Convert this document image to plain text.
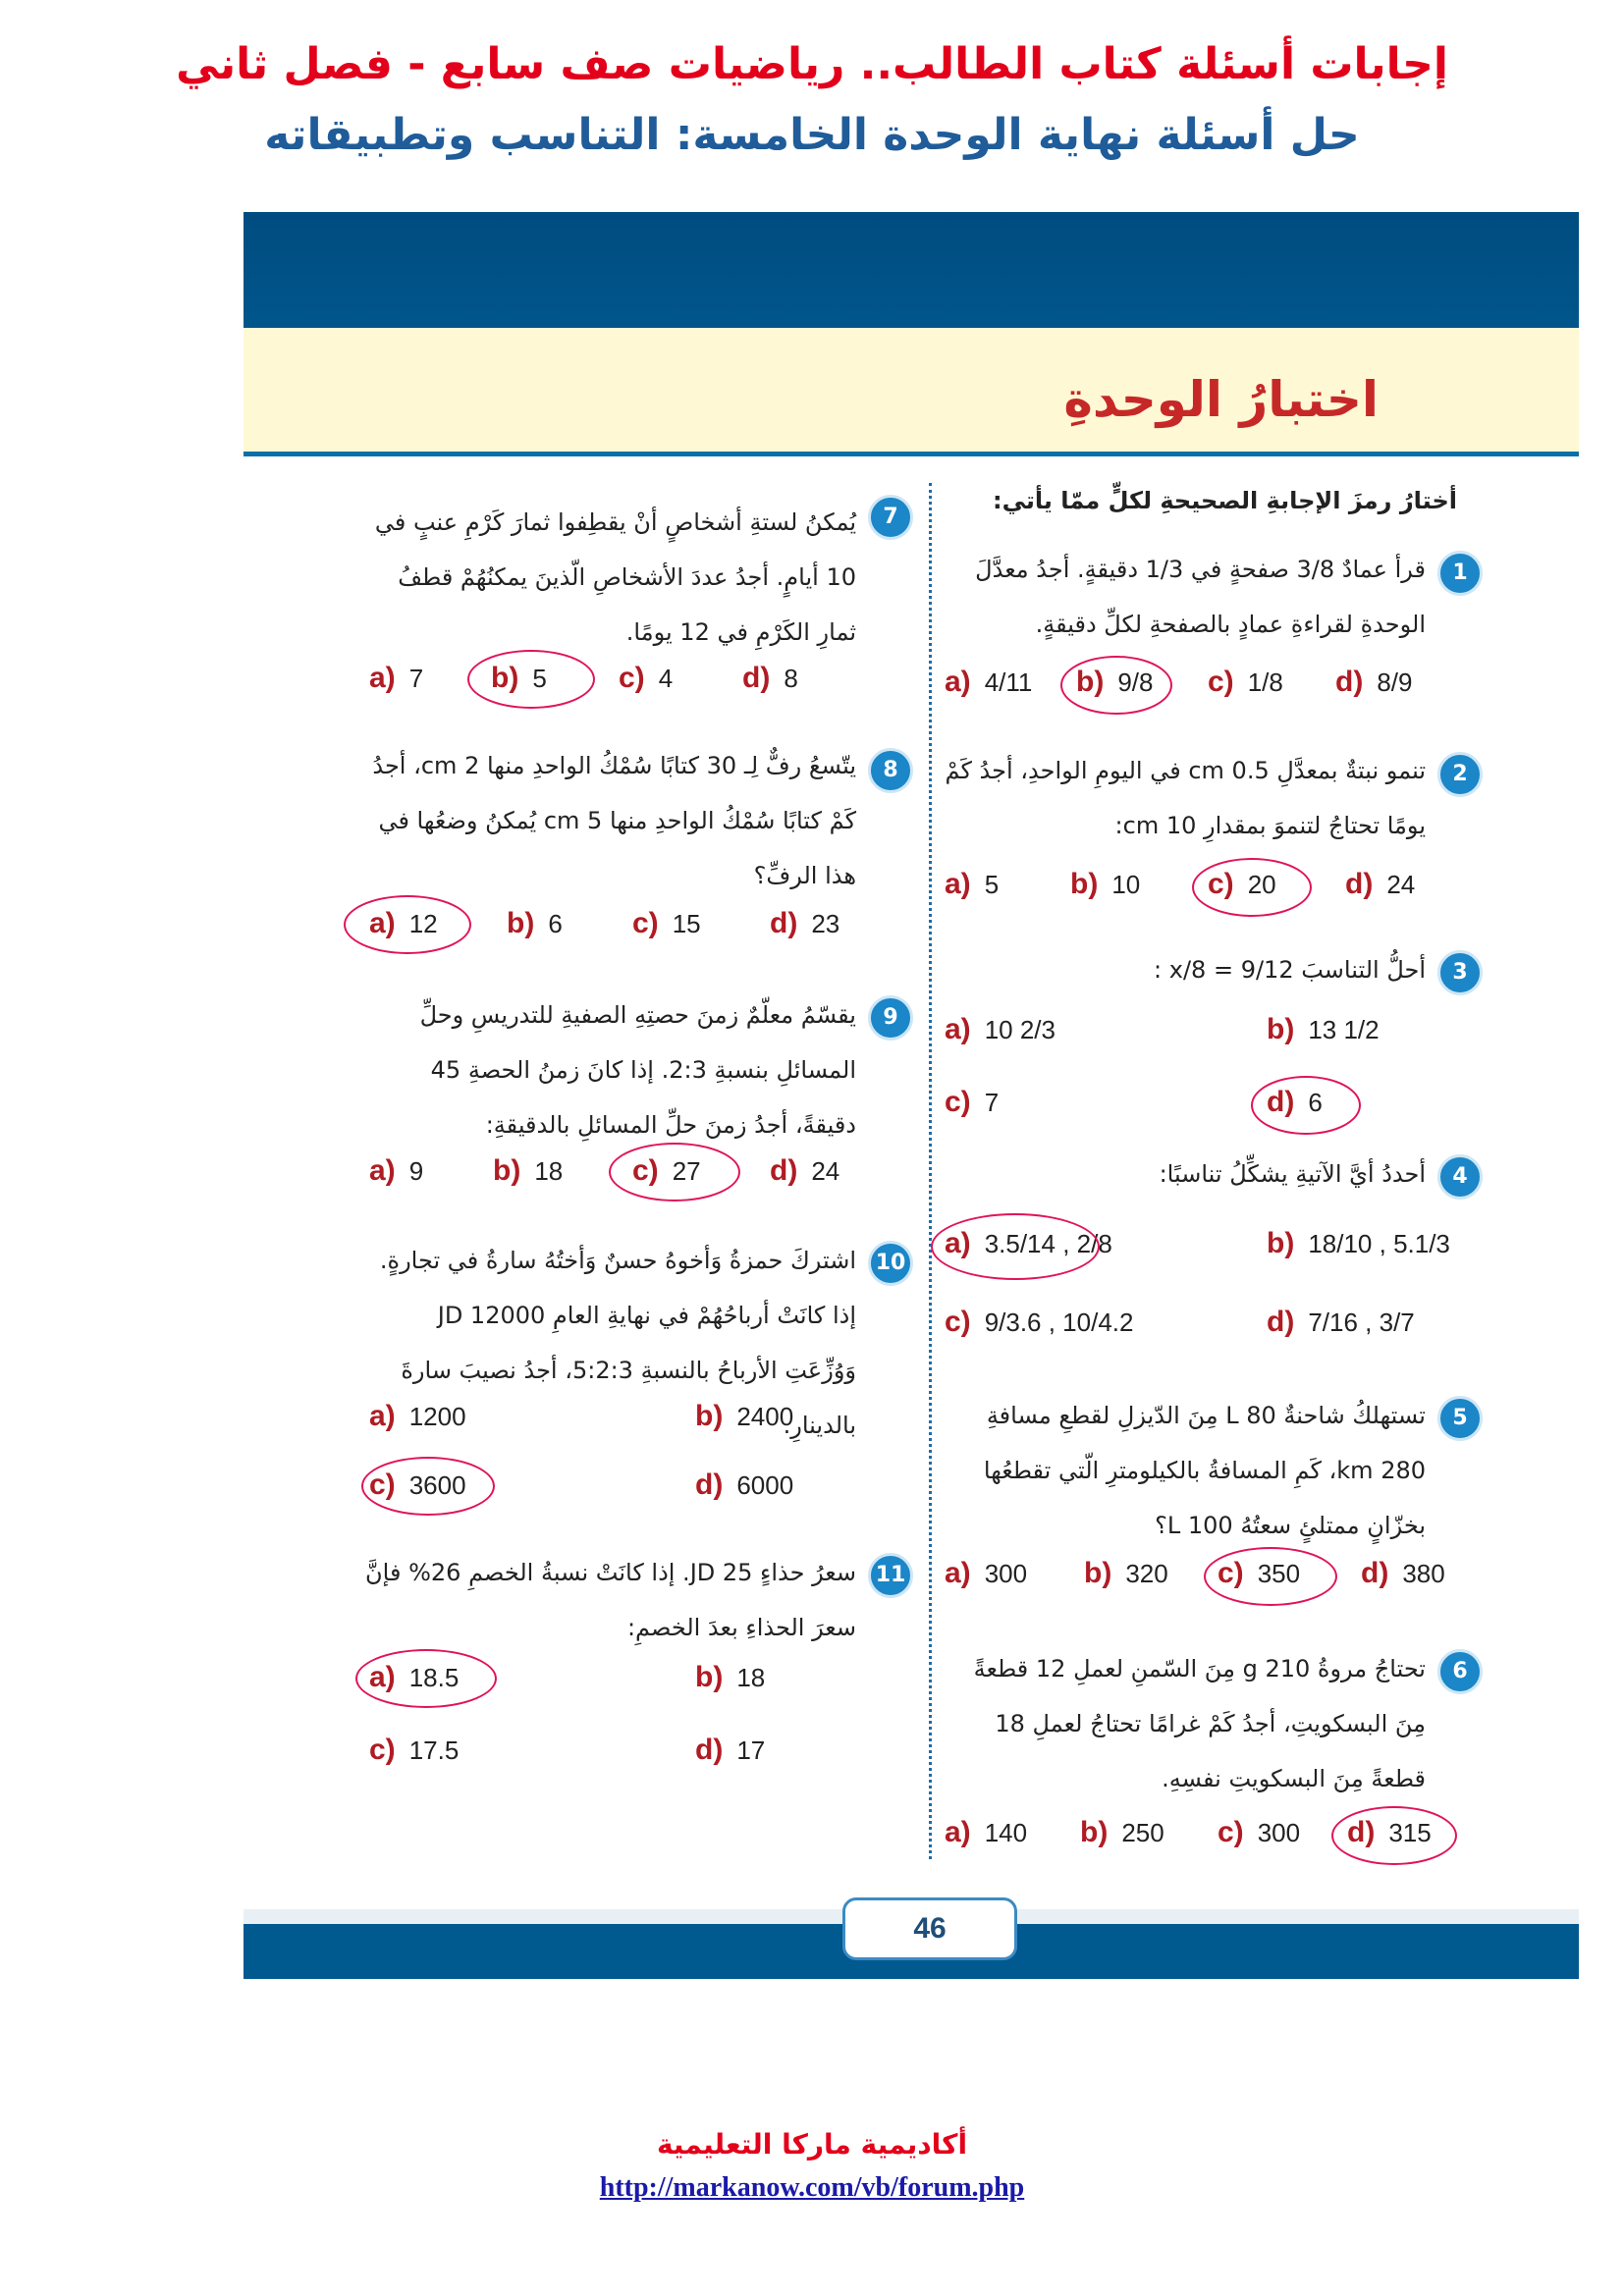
إجابات أسئلة كتاب الطالب.. رياضيات صف سابع - فصل ثاني
حل أسئلة نهاية الوحدة الخامسة: التناسب وتطبيقاته
اختبارُ الوحدةِ
أختارُ رمزَ الإجابةِ الصحيحةِ لكلٍّ ممّا يأتي:
1
قرأ عمادٌ 3/8 صفحةٍ في 1/3 دقيقةٍ. أجدُ معدَّلَ الوحدةِ لقراءةِ عمادٍ بالصفحةِ لكلِّ دقيقةٍ.
a) 4/11 b) 9/8 c) 1/8 d) 8/9
2
تنمو نبتةٌ بمعدَّلِ 0.5 cm في اليومِ الواحدِ، أجدُ كَمْ يومًا تحتاجُ لتنموَ بمقدارِ 10 cm:
a) 5 b) 10 c) 20 d) 24
3
أحلُّ التناسبَ 9/12 = x/8 :
a) 10 2/3	b) 13 1/2
c) 7	d) 6
4
أحددُ أيَّ الآتيةِ يشكِّلُ تناسبًا:
a) 3.5/14 , 2/8	b) 18/10 , 5.1/3
c) 9/3.6 , 10/4.2	d) 7/16 , 3/7
5
تستهلكُ شاحنةٌ 80 L مِنَ الدّيزلِ لقطعِ مسافةِ 280 km، كَمِ المسافةُ بالكيلومترِ الّتي تقطعُها بخزّانٍ ممتلئٍ سعتُهُ 100 L؟
a) 300 b) 320 c) 350 d) 380
6
تحتاجُ مروةُ 210 g مِنَ السّمنِ لعملِ 12 قطعةً مِنَ البسكويتِ، أجدُ كَمْ غرامًا تحتاجُ لعملِ 18 قطعةً مِنَ البسكويتِ نفسِهِ.
a) 140 b) 250 c) 300 d) 315
7
يُمكنُ لستةِ أشخاصٍ أنْ يقطِفوا ثمارَ كَرْمِ عنبٍ في 10 أيامٍ. أجدُ عددَ الأشخاصِ الّذينَ يمكنُهُمْ قطفُ ثمارِ الكَرْمِ في 12 يومًا.
a) 7 b) 5 c) 4 d) 8
8
يتّسعُ رفٌّ لِـ 30 كتابًا سُمْكُ الواحدِ منها 2 cm، أجدُ كَمْ كتابًا سُمْكُ الواحدِ منها 5 cm يُمكنُ وضعُها في هذا الرفِّ؟
a) 12 b) 6 c) 15 d) 23
9
يقسّمُ معلّمٌ زمنَ حصتِهِ الصفيةِ للتدريسِ وحلِّ المسائلِ بنسبةِ 2:3. إذا كانَ زمنُ الحصةِ 45 دقيقةً، أجدُ زمنَ حلِّ المسائلِ بالدقيقةِ:
a) 9 b) 18 c) 27 d) 24
10
اشتركَ حمزةُ وَأخوهُ حسنٌ وَأختُهُ سارةُ في تجارةٍ. إذا كانَتْ أرباحُهُمْ في نهايةِ العامِ JD 12000 وَوُزِّعَتِ الأرباحُ بالنسبةِ 5:2:3، أجدُ نصيبَ سارةَ بالدينارِ.
a) 1200	b) 2400
c) 3600	d) 6000
11
سعرُ حذاءٍ JD 25. إذا كانَتْ نسبةُ الخصمِ 26% فإنَّ سعرَ الحذاءِ بعدَ الخصمِ:
a) 18.5	b) 18
c) 17.5	d) 17
46
أكاديمية ماركا التعليمية
http://markanow.com/vb/forum.php
